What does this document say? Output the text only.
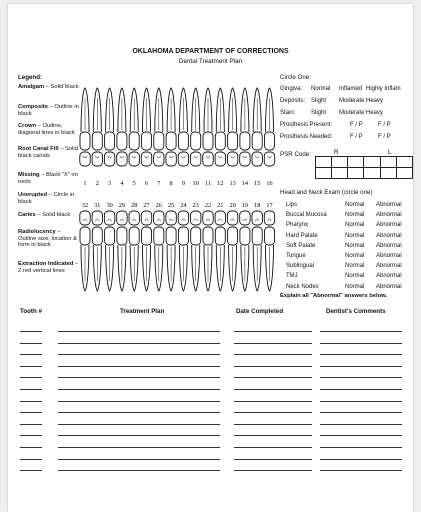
OKLAHOMA DEPARTMENT OF CORRECTIONS
Dental Treatment Plan
Legend:
Amalgam – Solid black
Composite – Outline in black
Crown – Outline, diagonal lines in black
Root Canal Fill – Solid black canals
Missing – Black "X" on roots
Unerupted – Circle in black
Caries – Solid black
Radiolucency – Outline size, location & form in black
Extraction Indicated – 2 red vertical lines
1 2 3 4 5 6 7 8 9 10 11 12 13 14 15 16
32 31 30 29 28 27 26 25 24 23 22 21 20 19 18 17
Circle One:
Gingiva: Normal Inflamed Highly Inflam
Deposits: Slight Moderate Heavy
Stain:	Slight Moderate Heavy
Prosthesis Present:	F / P	F / P
Prosthesis Needed:	F / P	F / P
PSR Code:	R	L

Head and Neck Exam (circle one)
Lips	Normal Abnormal
Buccal Mucosa	Normal Abnormal
Pharynx	Normal Abnormal
Hard Palate	Normal Abnormal
Soft Palate	Normal Abnormal
Tongue	Normal Abnormal
Sublingual	Normal Abnormal
TMJ	Normal Abnormal
Neck Nodes	Normal Abnormal
Explain all "Abnormal" answers below.
Tooth #	Treatment Plan	Date Completed	Dentist's Comments
